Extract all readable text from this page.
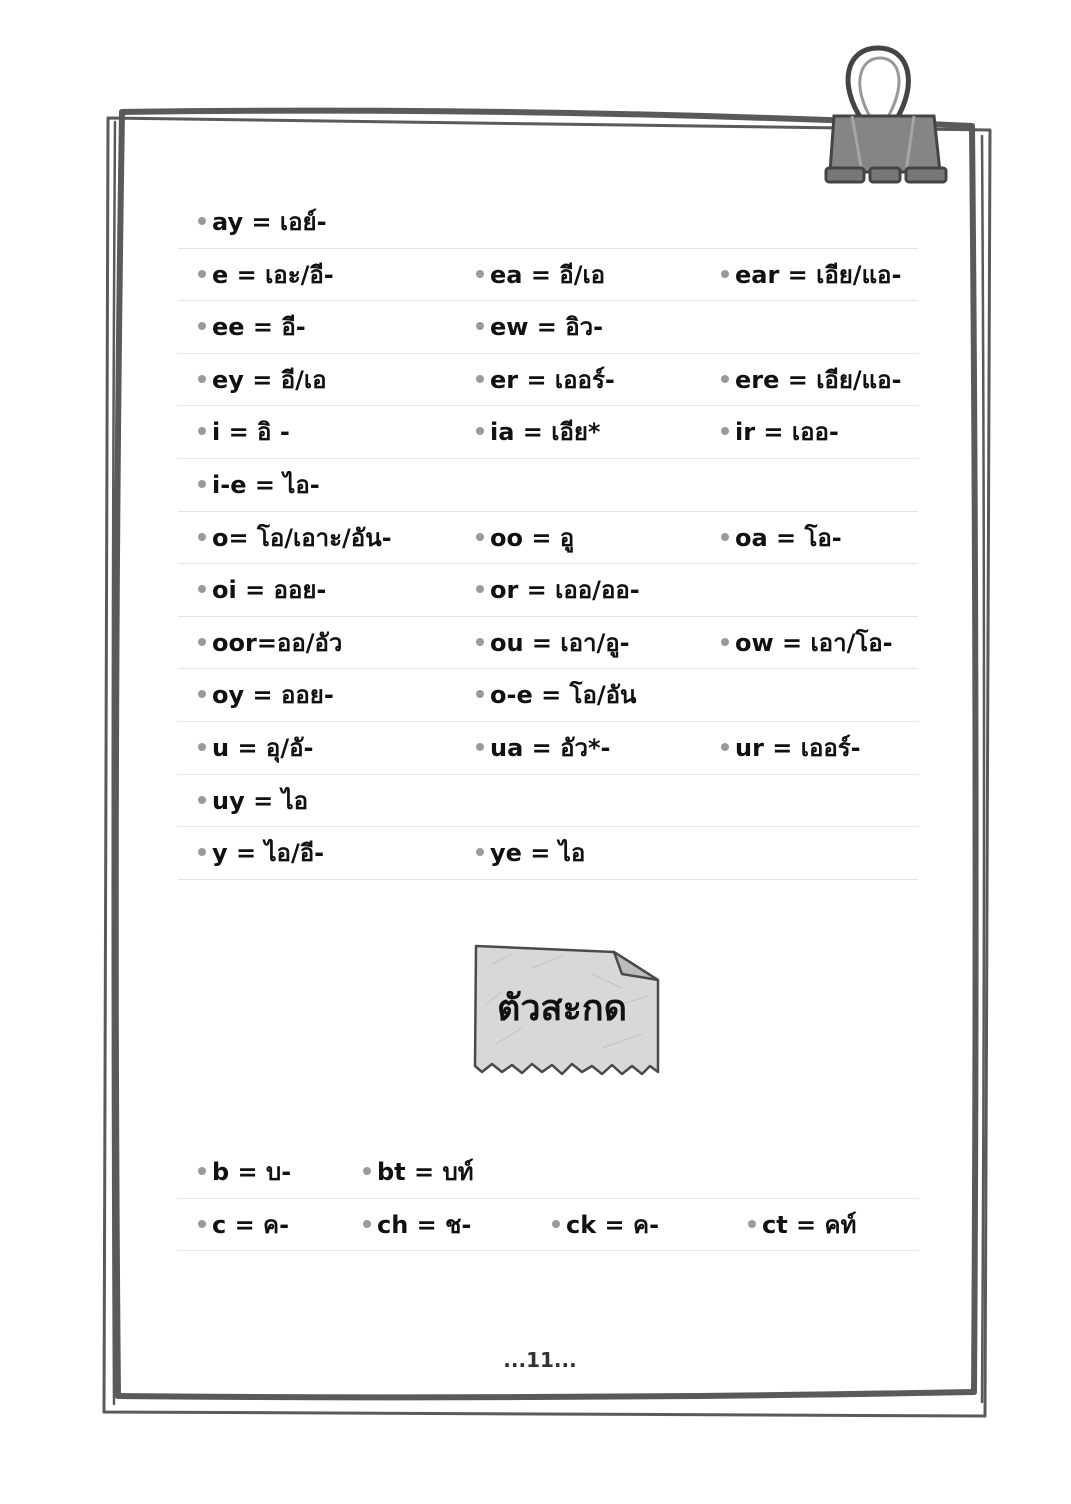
ay = เอย์-
e = เอะ/อี-	ea = อี/เอ	ear = เอีย/แอ-
ee = อี-	ew = อิว-
ey = อี/เอ	er = เออร์-	ere = เอีย/แอ-
i = อิ -	ia = เอีย*	ir = เออ-
i-e = ไอ-
o= โอ/เอาะ/อัน-	oo = อู	oa = โอ-
oi = ออย-	or = เออ/ออ-
oor=ออ/อัว	ou = เอา/อู-	ow = เอา/โอ-
oy = ออย-	o-e = โอ/อัน
u = อุ/อั-	ua = อัว*-	ur = เออร์-
uy = ไอ
y = ไอ/อี-	ye = ไอ
ตัวสะกด
b = บ-	bt = บท์
c = ค-	ch = ช-	ck = ค-	ct = คท์
...11...
